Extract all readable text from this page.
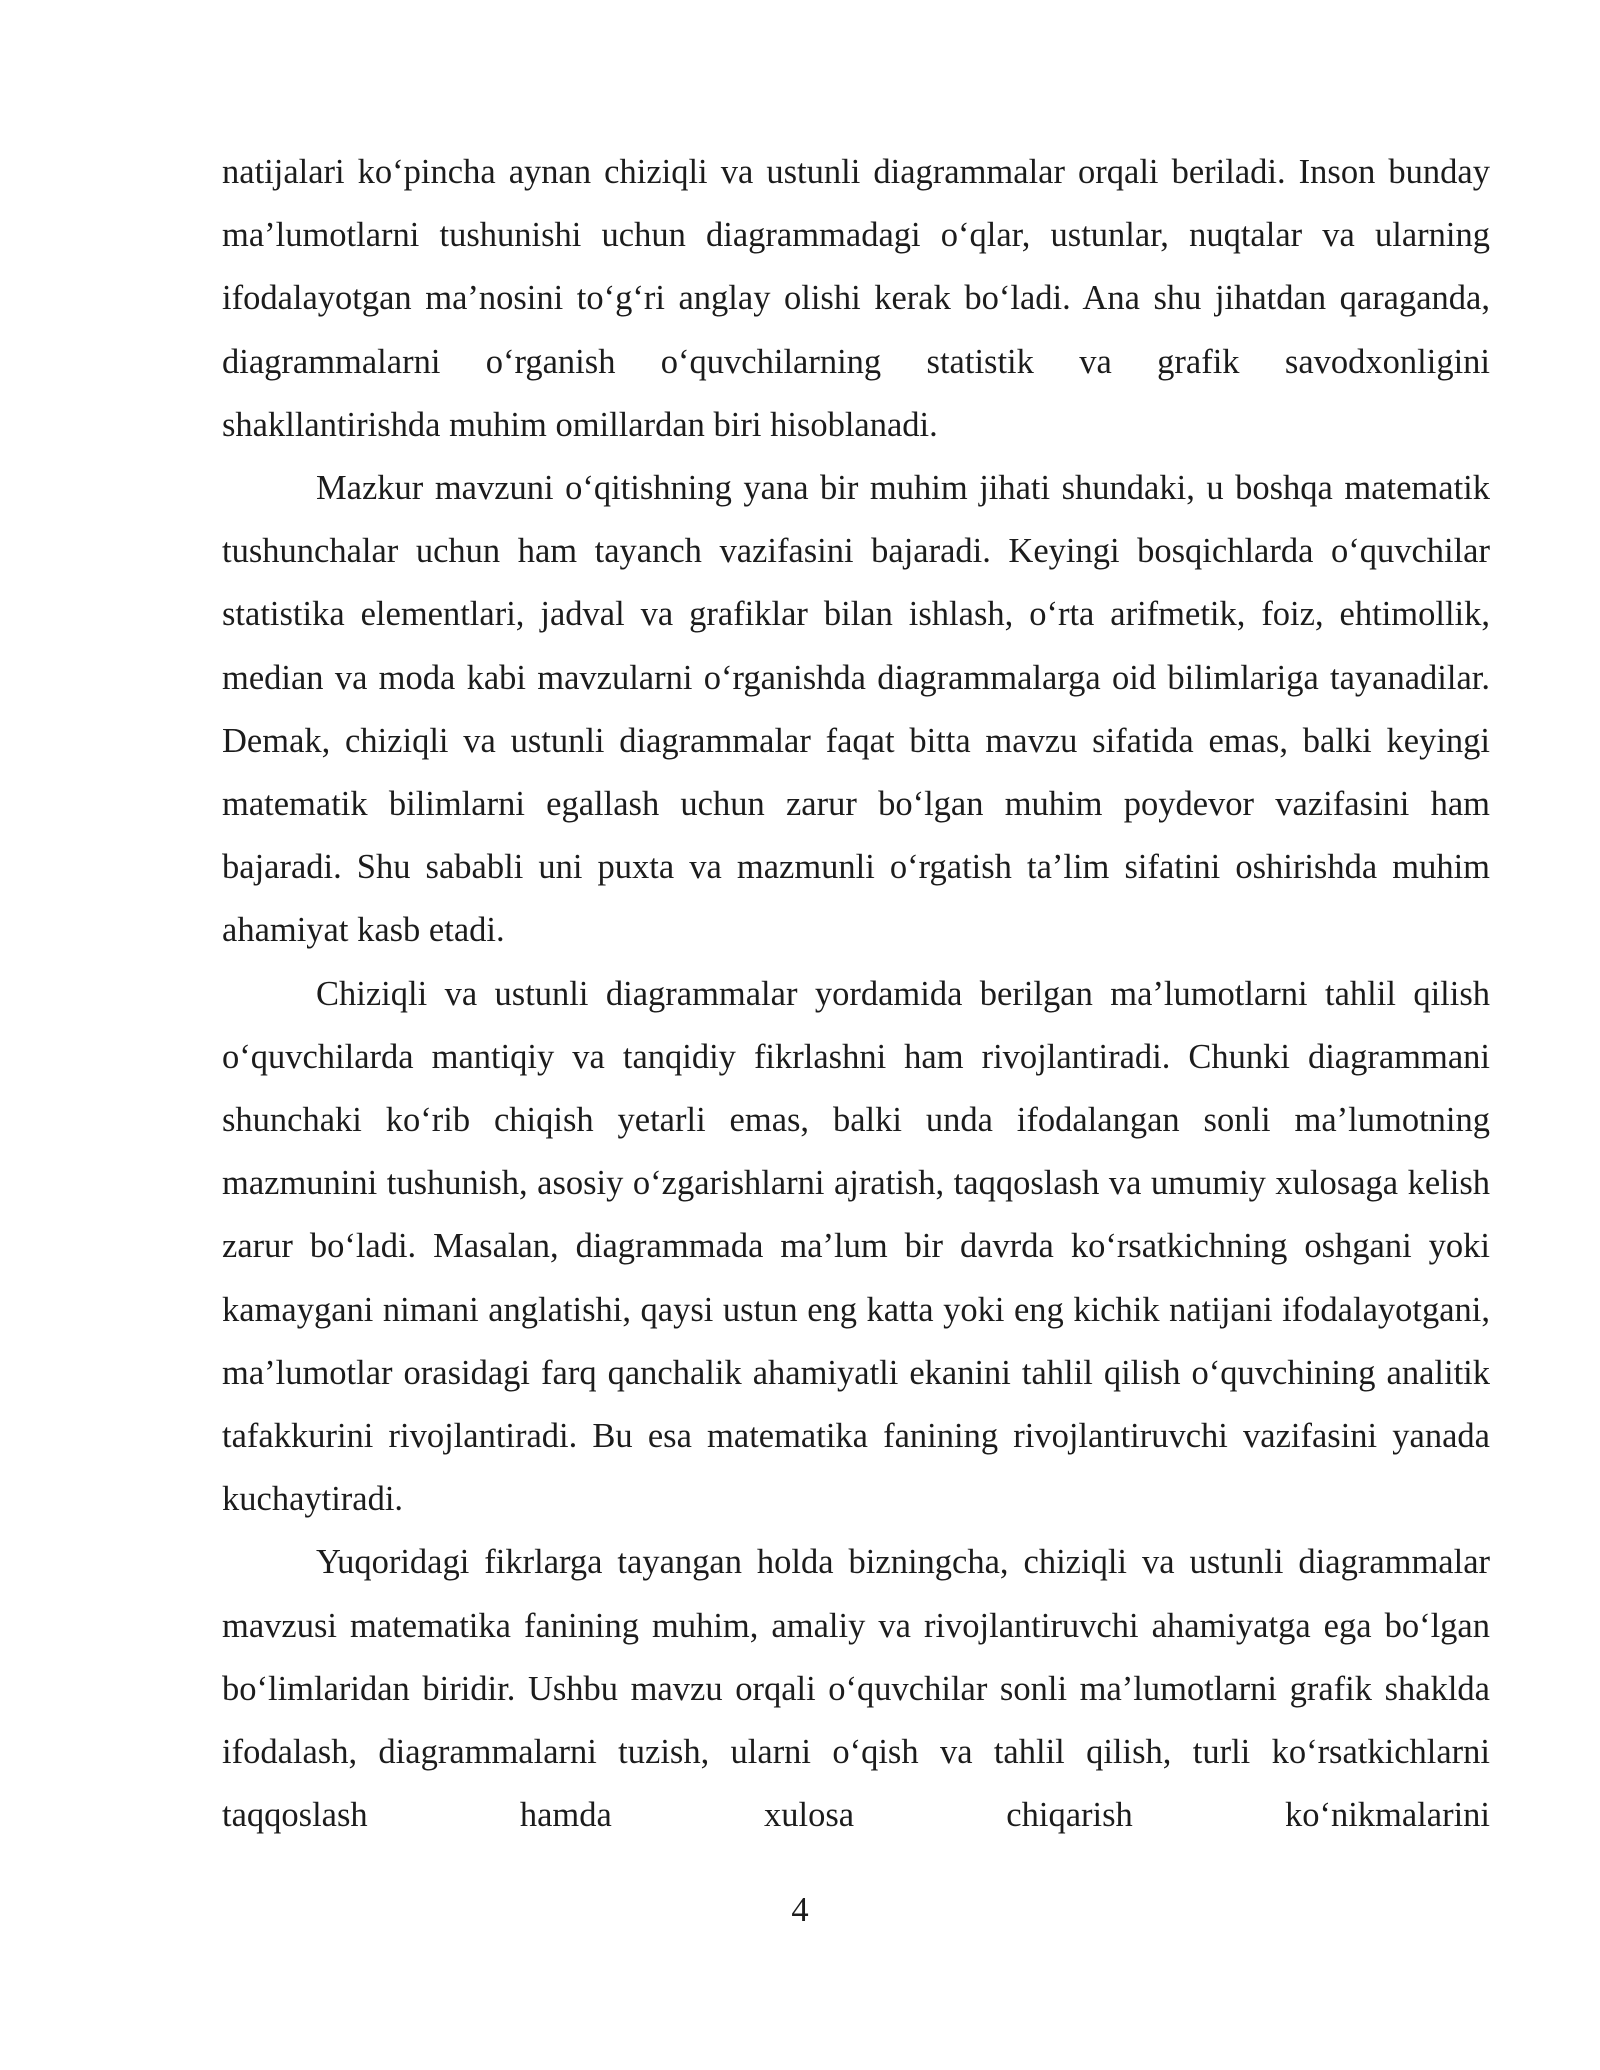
natijalari ko‘pincha aynan chiziqli va ustunli diagrammalar orqali beriladi. Inson bunday ma’lumotlarni tushunishi uchun diagrammadagi o‘qlar, ustunlar, nuqtalar va ularning ifodalayotgan ma’nosini to‘g‘ri anglay olishi kerak bo‘ladi. Ana shu jihatdan qaraganda, diagrammalarni o‘rganish o‘quvchilarning statistik va grafik savodxonligini shakllantirishda muhim omillardan biri hisoblanadi.

Mazkur mavzuni o‘qitishning yana bir muhim jihati shundaki, u boshqa matematik tushunchalar uchun ham tayanch vazifasini bajaradi. Keyingi bosqichlarda o‘quvchilar statistika elementlari, jadval va grafiklar bilan ishlash, o‘rta arifmetik, foiz, ehtimollik, median va moda kabi mavzularni o‘rganishda diagrammalarga oid bilimlariga tayanadilar. Demak, chiziqli va ustunli diagrammalar faqat bitta mavzu sifatida emas, balki keyingi matematik bilimlarni egallash uchun zarur bo‘lgan muhim poydevor vazifasini ham bajaradi. Shu sababli uni puxta va mazmunli o‘rgatish ta’lim sifatini oshirishda muhim ahamiyat kasb etadi.

Chiziqli va ustunli diagrammalar yordamida berilgan ma’lumotlarni tahlil qilish o‘quvchilarda mantiqiy va tanqidiy fikrlashni ham rivojlantiradi. Chunki diagrammani shunchaki ko‘rib chiqish yetarli emas, balki unda ifodalangan sonli ma’lumotning mazmunini tushunish, asosiy o‘zgarishlarni ajratish, taqqoslash va umumiy xulosaga kelish zarur bo‘ladi. Masalan, diagrammada ma’lum bir davrda ko‘rsatkichning oshgani yoki kamaygani nimani anglatishi, qaysi ustun eng katta yoki eng kichik natijani ifodalayotgani, ma’lumotlar orasidagi farq qanchalik ahamiyatli ekanini tahlil qilish o‘quvchining analitik tafakkurini rivojlantiradi. Bu esa matematika fanining rivojlantiruvchi vazifasini yanada kuchaytiradi.

Yuqoridagi fikrlarga tayangan holda bizningcha, chiziqli va ustunli diagrammalar mavzusi matematika fanining muhim, amaliy va rivojlantiruvchi ahamiyatga ega bo‘lgan bo‘limlaridan biridir. Ushbu mavzu orqali o‘quvchilar sonli ma’lumotlarni grafik shaklda ifodalash, diagrammalarni tuzish, ularni o‘qish va tahlil qilish, turli ko‘rsatkichlarni taqqoslash hamda xulosa chiqarish ko‘nikmalarini

4
